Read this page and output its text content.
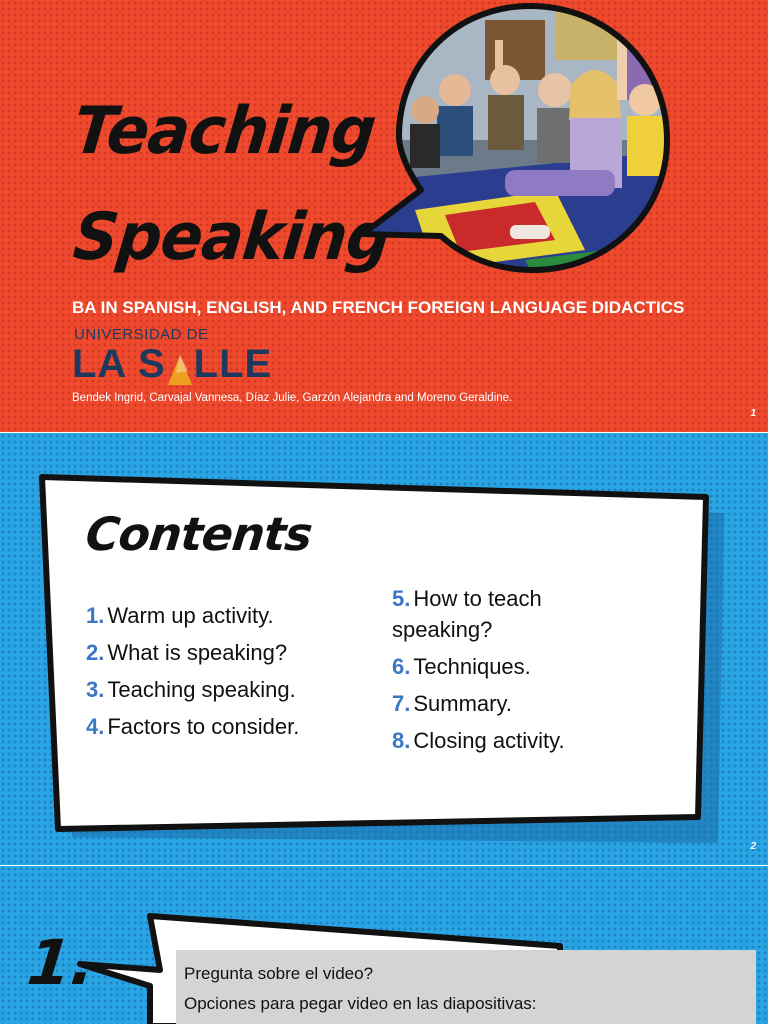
Teaching
Speaking
BA IN SPANISH, ENGLISH, AND FRENCH FOREIGN LANGUAGE DIDACTICS
UNIVERSIDAD DE
LA S LLE
Bendek Ingrid, Carvajal Vannesa, Díaz Julie, Garzón Alejandra and Moreno Geraldine.
1
Contents
1. Warm up activity.
2. What is speaking?
3. Teaching speaking.
4. Factors to consider.
5. How to teach
speaking?
6. Techniques.
7. Summary.
8. Closing activity.
2
1.	Pregunta sobre el video?
Opciones para pegar video en las diapositivas:
